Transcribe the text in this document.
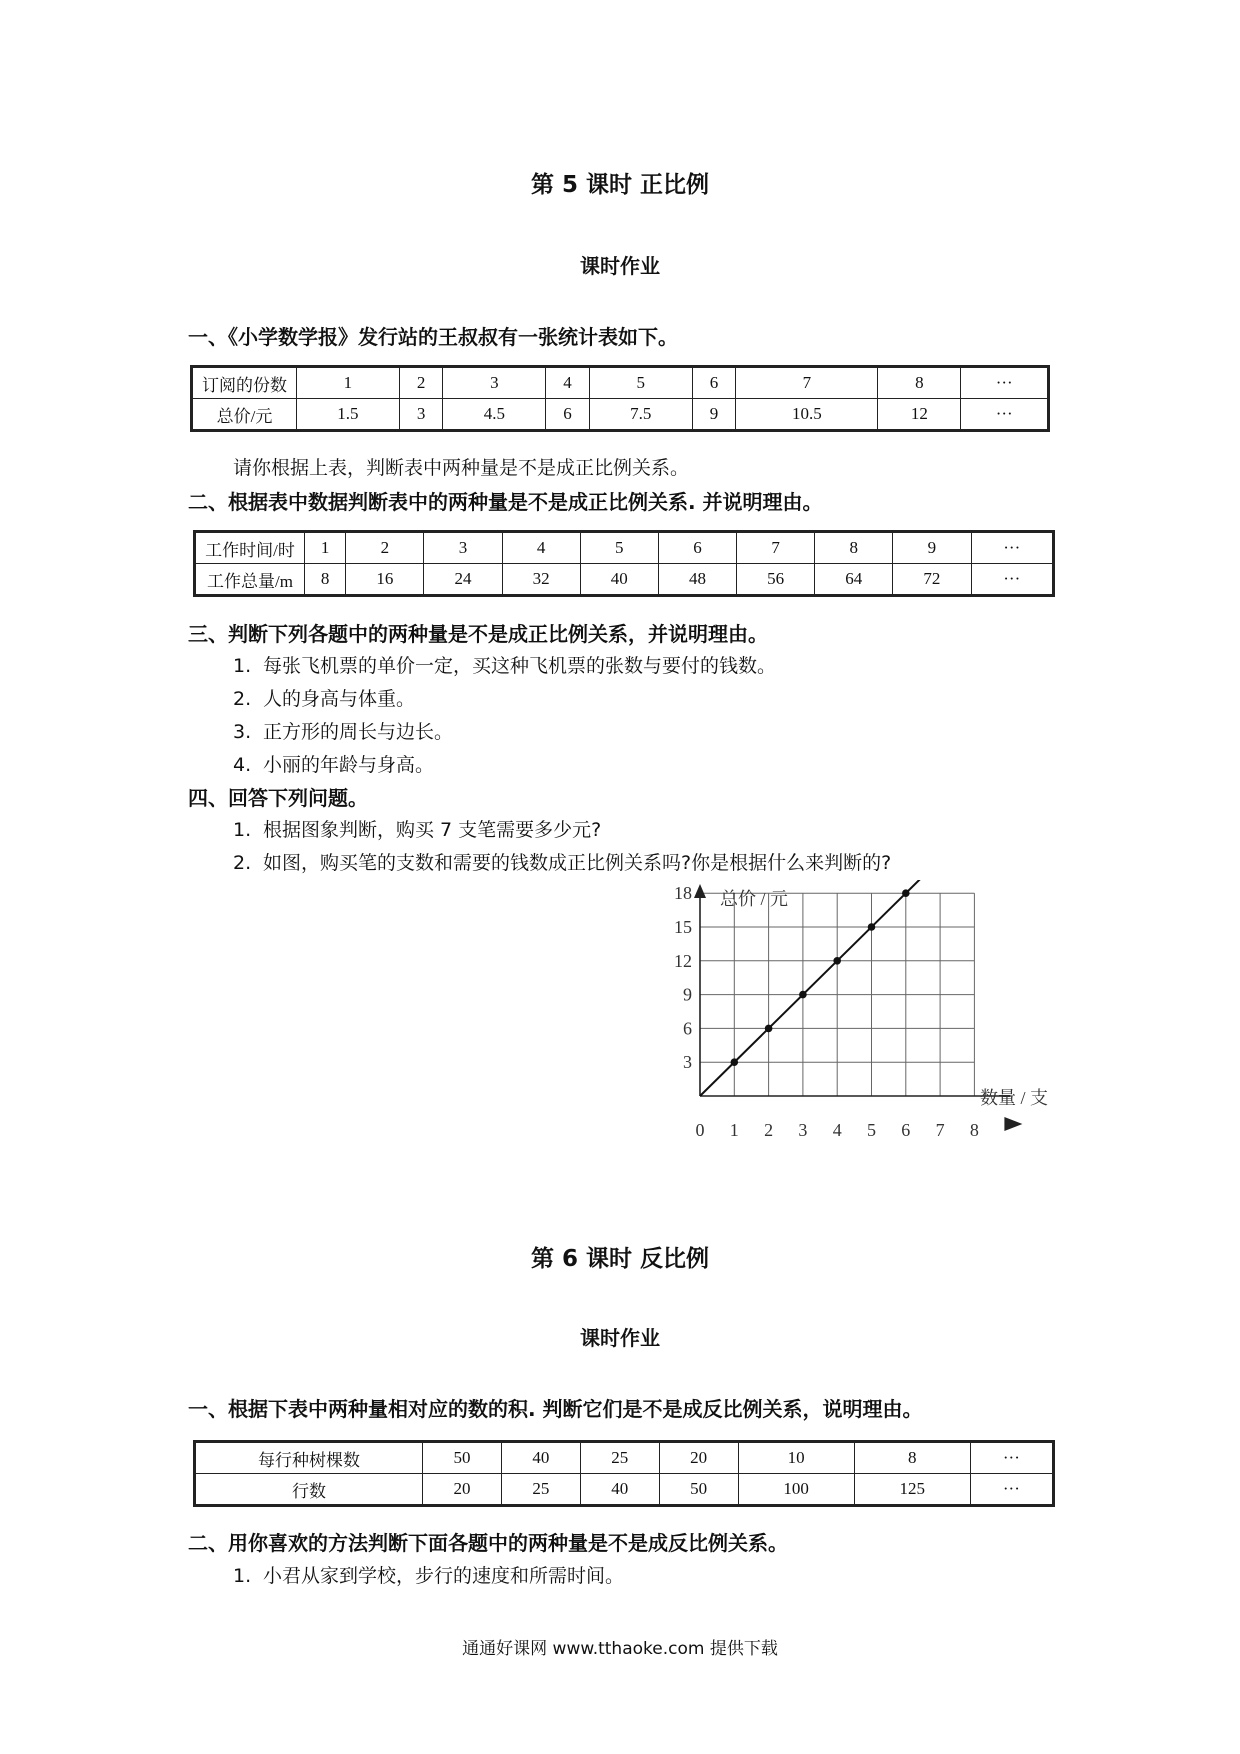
第 5 课时 正比例
课时作业
一、《小学数学报》发行站的王叔叔有一张统计表如下。
订阅的份数	1	2	3	4	5	6	7	8	···
总价/元	1.5	3	4.5	6	7.5	9	10.5	12	···
请你根据上表，判断表中两种量是不是成正比例关系。
二、根据表中数据判断表中的两种量是不是成正比例关系. 并说明理由。
工作时间/时	1	2	3	4	5	6	7	8	9	···
工作总量/m	8	16	24	32	40	48	56	64	72	···
三、判断下列各题中的两种量是不是成正比例关系，并说明理由。
1. 每张飞机票的单价一定，买这种飞机票的张数与要付的钱数。
2. 人的身高与体重。
3. 正方形的周长与边长。
4. 小丽的年龄与身高。
四、回答下列问题。
1. 根据图象判断，购买 7 支笔需要多少元?
2. 如图，购买笔的支数和需要的钱数成正比例关系吗?你是根据什么来判断的?
0 1 2 3 4 5 6 7 8
3
6
9
12
15
18 总价 / 元
数量 / 支
第 6 课时 反比例
课时作业
一、根据下表中两种量相对应的数的积. 判断它们是不是成反比例关系，说明理由。
每行种树棵数	50	40	25	20	10	8	···
行数	20	25	40	50	100	125	···
二、用你喜欢的方法判断下面各题中的两种量是不是成反比例关系。
1. 小君从家到学校，步行的速度和所需时间。
通通好课网 www.tthaoke.com 提供下载
